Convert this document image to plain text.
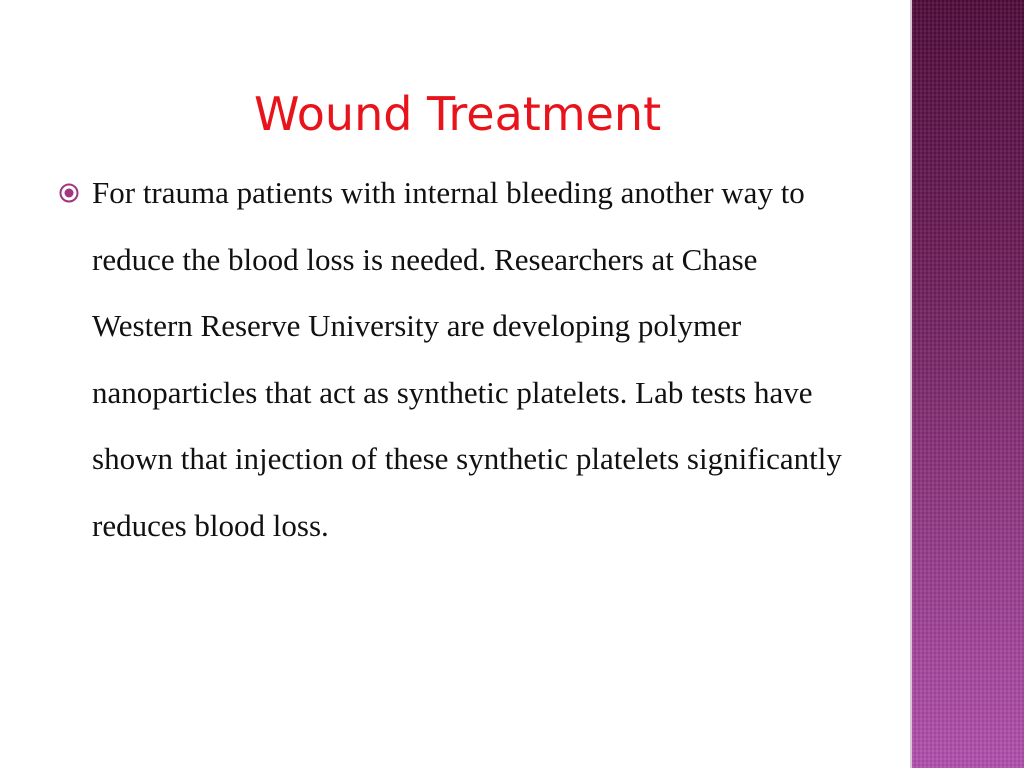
Wound Treatment

For trauma patients with internal bleeding another way to reduce the blood loss is needed. Researchers at Chase Western Reserve University are developing polymer nanoparticles that act as synthetic platelets. Lab tests have shown that injection of these synthetic platelets significantly reduces blood loss.
